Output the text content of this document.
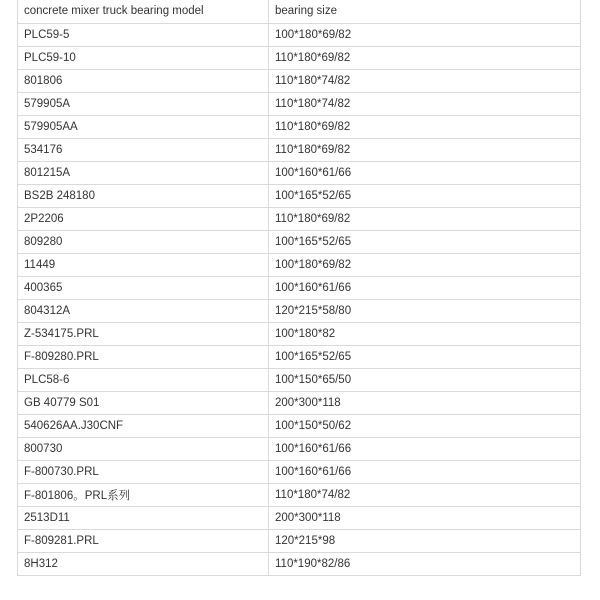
concrete mixer truck bearing model	bearing size
PLC59-5	100*180*69/82
PLC59-10	110*180*69/82
801806	110*180*74/82
579905A	110*180*74/82
579905AA	110*180*69/82
534176	110*180*69/82
801215A	100*160*61/66
BS2B 248180	100*165*52/65
2P2206	110*180*69/82
809280	100*165*52/65
11449	100*180*69/82
400365	100*160*61/66
804312A	120*215*58/80
Z-534175.PRL	100*180*82
F-809280.PRL	100*165*52/65
PLC58-6	100*150*65/50
GB 40779 S01	200*300*118
540626AA.J30CNF	100*150*50/62
800730	100*160*61/66
F-800730.PRL	100*160*61/66
F-801806。PRL系列	110*180*74/82
2513D11	200*300*118
F-809281.PRL	120*215*98
8H312	110*190*82/86
